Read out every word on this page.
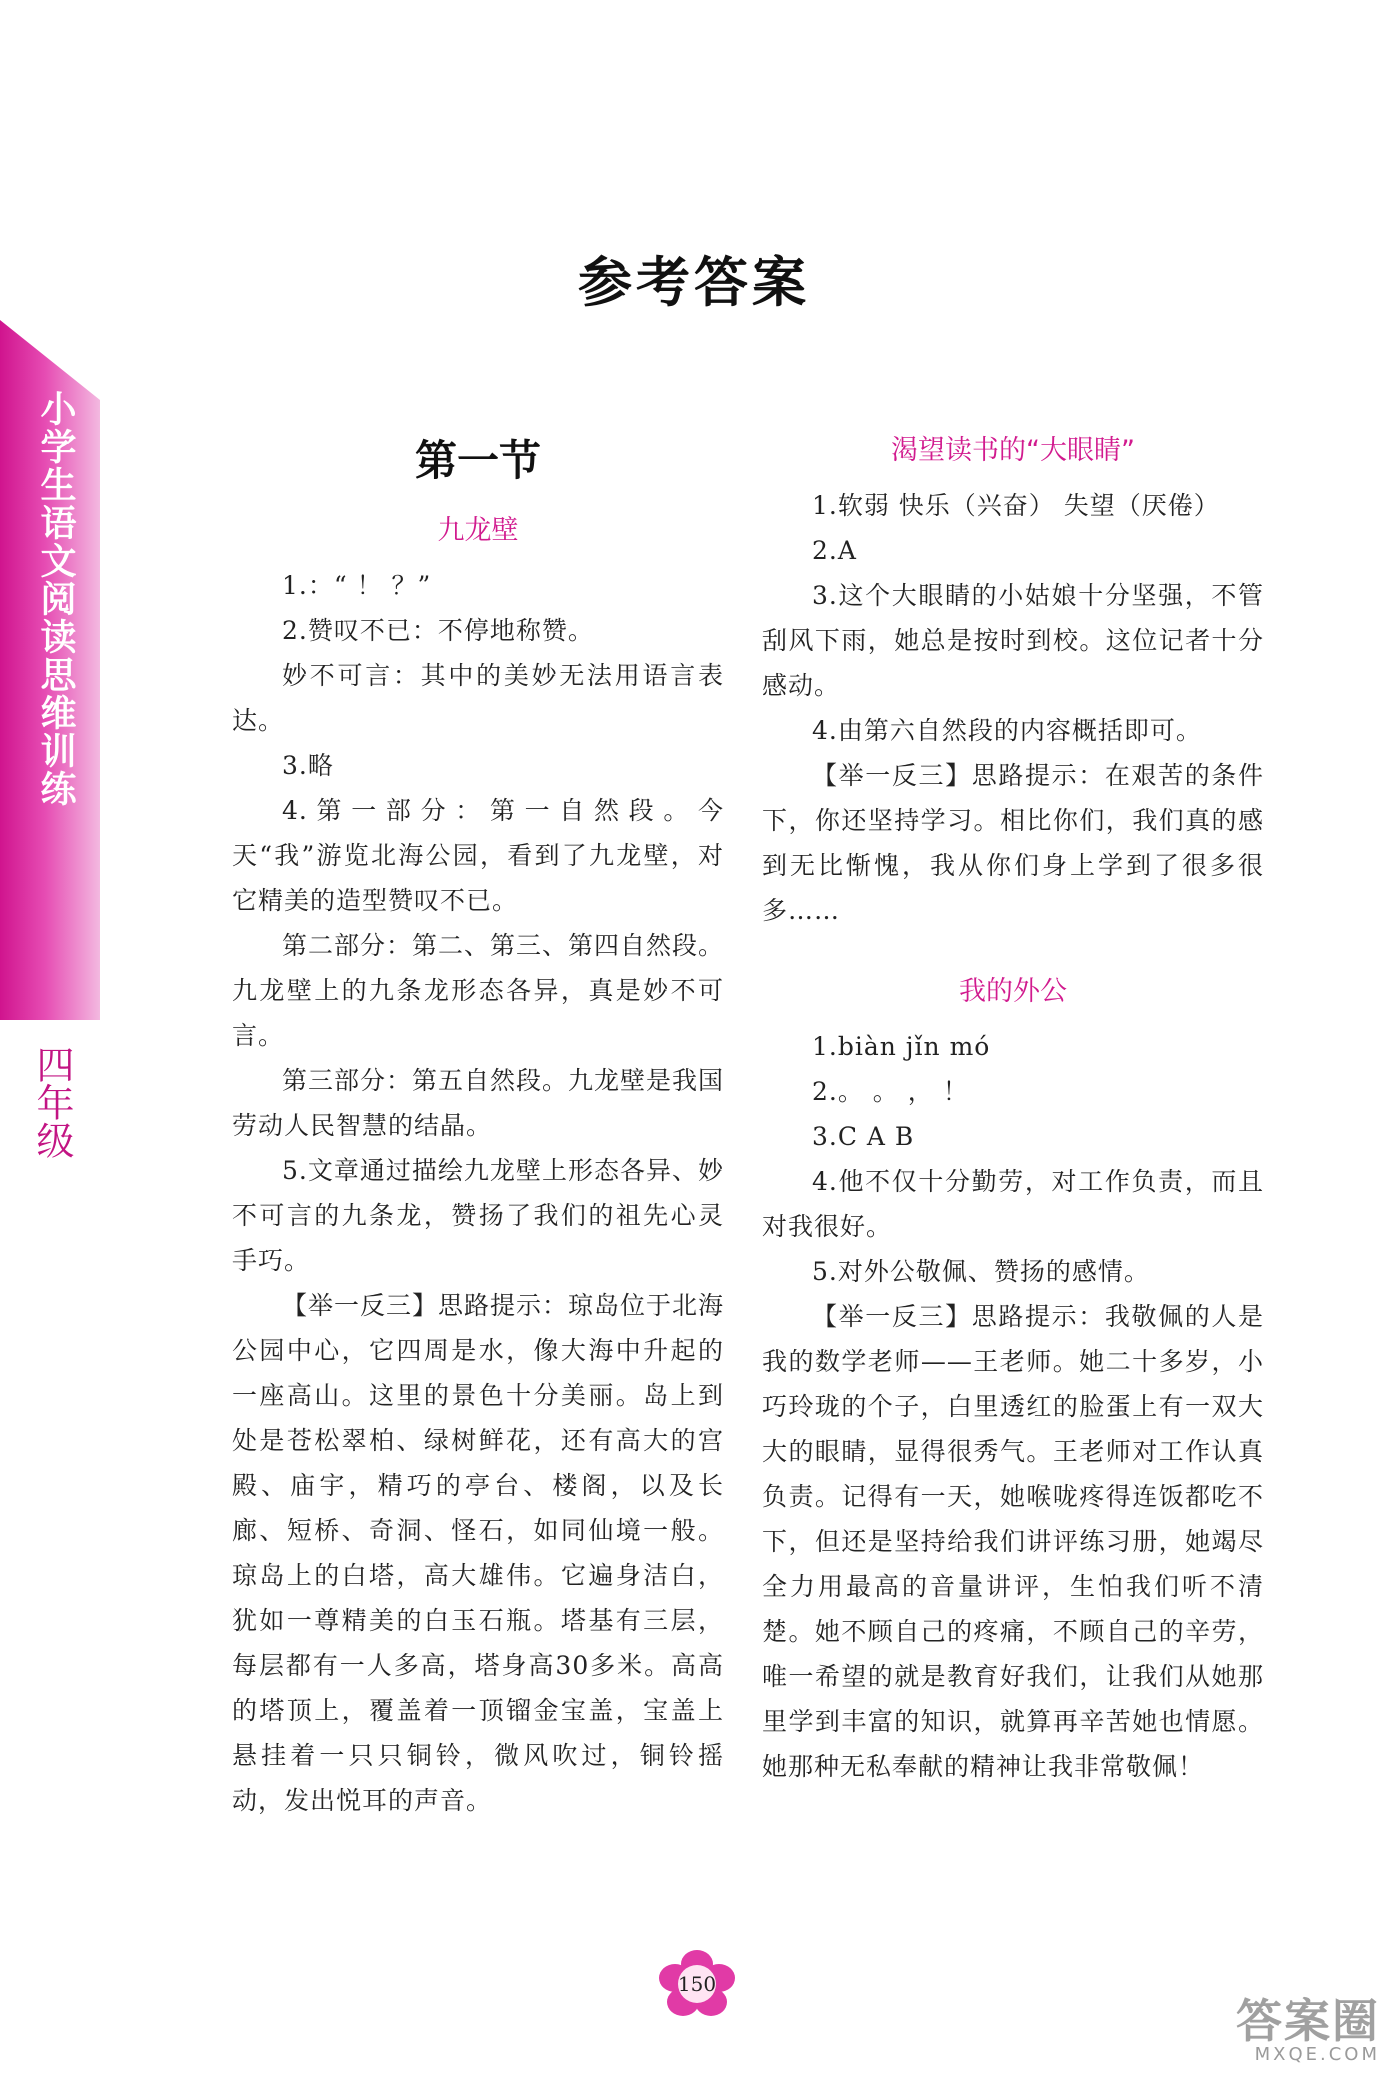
小学生语文阅读思维训练
四年级
参考答案
第一节
九龙壁

1.：“ ！ ？”

2.赞叹不已：不停地称赞。

妙不可言：其中的美妙无法用语言表达。

3.略

4.第一部分：第一自然段。今天“我”游览北海公园，看到了九龙壁，对它精美的造型赞叹不已。

第二部分：第二、第三、第四自然段。九龙壁上的九条龙形态各异，真是妙不可言。

第三部分：第五自然段。九龙壁是我国劳动人民智慧的结晶。

5.文章通过描绘九龙壁上形态各异、妙不可言的九条龙，赞扬了我们的祖先心灵手巧。

【举一反三】思路提示：琼岛位于北海公园中心，它四周是水，像大海中升起的一座高山。这里的景色十分美丽。岛上到处是苍松翠柏、绿树鲜花，还有高大的宫殿、庙宇，精巧的亭台、楼阁，以及长廊、短桥、奇洞、怪石，如同仙境一般。琼岛上的白塔，高大雄伟。它遍身洁白，犹如一尊精美的白玉石瓶。塔基有三层，每层都有一人多高，塔身高30多米。高高的塔顶上，覆盖着一顶镏金宝盖，宝盖上悬挂着一只只铜铃，微风吹过，铜铃摇动，发出悦耳的声音。

渴望读书的“大眼睛”

1.软弱 快乐（兴奋） 失望（厌倦）

2.A

3.这个大眼睛的小姑娘十分坚强，不管刮风下雨，她总是按时到校。这位记者十分感动。

4.由第六自然段的内容概括即可。

【举一反三】思路提示：在艰苦的条件下，你还坚持学习。相比你们，我们真的感到无比惭愧，我从你们身上学到了很多很多……

我的外公

1.biàn jǐn mó

2.。 。 ， ！

3.C A B

4.他不仅十分勤劳，对工作负责，而且对我很好。

5.对外公敬佩、赞扬的感情。

【举一反三】思路提示：我敬佩的人是我的数学老师——王老师。她二十多岁，小巧玲珑的个子，白里透红的脸蛋上有一双大大的眼睛，显得很秀气。王老师对工作认真负责。记得有一天，她喉咙疼得连饭都吃不下，但还是坚持给我们讲评练习册，她竭尽全力用最高的音量讲评，生怕我们听不清楚。她不顾自己的疼痛，不顾自己的辛劳，唯一希望的就是教育好我们，让我们从她那里学到丰富的知识，就算再辛苦她也情愿。她那种无私奉献的精神让我非常敬佩！

150
答案圈
MXQE.COM
